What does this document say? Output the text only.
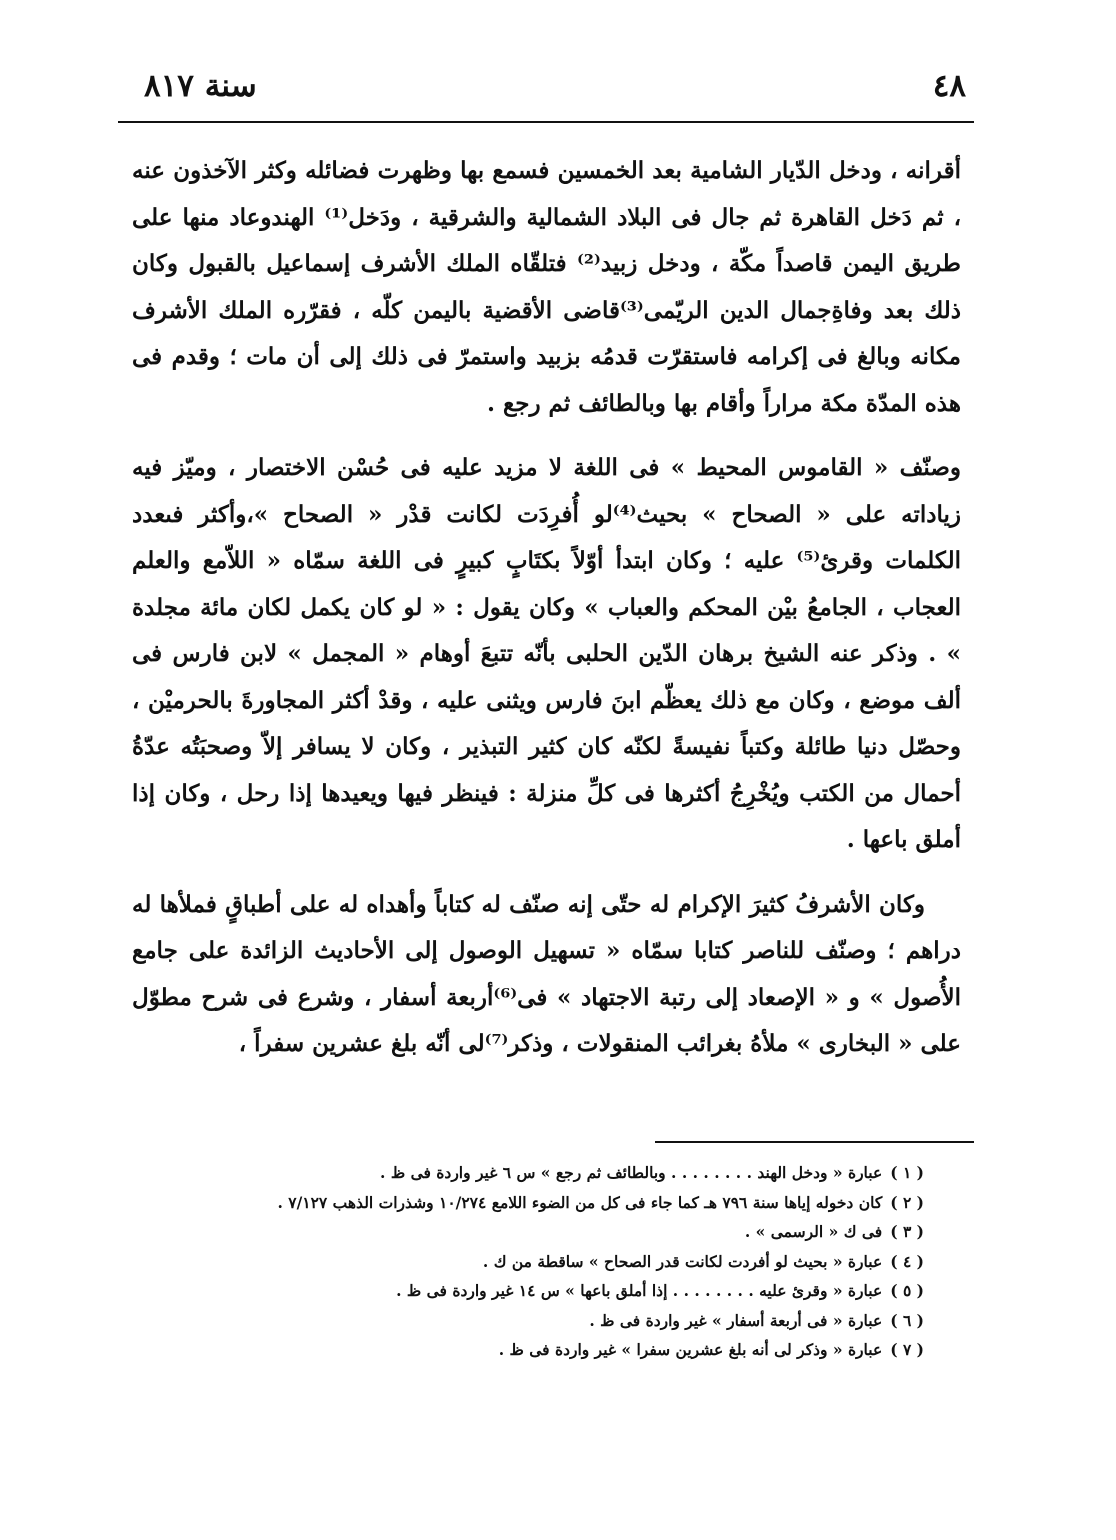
سنة ٨١٧	٤٨

أقرانه ، ودخل الدّيار الشامية بعد الخمسين فسمع بها وظهرت فضائله وكثر الآخذون عنه ، ثم دَخل القاهرة ثم جال فى البلاد الشمالية والشرقية ، ودَخل⁽¹⁾ الهندوعاد منها على طريق اليمن قاصداً مكّة ، ودخل زبيد⁽²⁾ فتلقّاه الملك الأشرف إسماعيل بالقبول وكان ذلك بعد وفاةِجمال الدين الريّمى⁽³⁾قاضى الأقضية باليمن كلّه ، فقرّره الملك الأشرف مكانه وبالغ فى إكرامه فاستقرّت قدمُه بزبيد واستمرّ فى ذلك إلى أن مات ؛ وقدم فى هذه المدّة مكة مراراً وأقام بها وبالطائف ثم رجع .

وصنّف « القاموس المحيط » فى اللغة لا مزيد عليه فى حُسْن الاختصار ، وميّز فيه زياداته على « الصحاح » بحيث⁽⁴⁾لو أُفرِدَت لكانت قدْر « الصحاح »،وأكثر فىعدد الكلمات وقرئ⁽⁵⁾ عليه ؛ وكان ابتدأ أوّلاً بكتَابٍ كبيرٍ فى اللغة سمّاه « اللاّمع والعلم العجاب ، الجامعُ بيْن المحكم والعباب » وكان يقول : « لو كان يكمل لكان مائة مجلدة » . وذكر عنه الشيخ برهان الدّين الحلبى بأنّه تتبعَ أوهام « المجمل » لابن فارس فى ألف موضع ، وكان مع ذلك يعظّم ابنَ فارس ويثنى عليه ، وقدْ أكثر المجاورةَ بالحرميْن ، وحصّل دنيا طائلة وكتباً نفيسةً لكنّه كان كثير التبذير ، وكان لا يسافر إلاّ وصحبَتُه عدّةُ أحمال من الكتب ويُخْرِجُ أكثرها فى كلِّ منزلة : فينظر فيها ويعيدها إذا رحل ، وكان إذا أملق باعها .

وكان الأشرفُ كثيرَ الإكرام له حتّى إنه صنّف له كتاباً وأهداه له على أطباقٍ فملأها له دراهم ؛ وصنّف للناصر كتابا سمّاه « تسهيل الوصول إلى الأحاديث الزائدة على جامع الأُصول » و « الإصعاد إلى رتبة الاجتهاد » فى⁽⁶⁾أربعة أسفار ، وشرع فى شرح مطوّل على « البخارى » ملأهُ بغرائب المنقولات ، وذكر⁽⁷⁾لى أنّه بلغ عشرين سفراً ،

( ١ )عبارة « ودخل الهند . . . . . . . . وبالطائف ثم رجع » س ٦ غير واردة فى ظ .

( ٢ )كان دخوله إياها سنة ٧٩٦ هـ كما جاء فى كل من الضوء اللامع ١٠/٢٧٤ وشذرات الذهب ٧/١٢٧ .

( ٣ )فى ك « الرسمى » .

( ٤ )عبارة « بحيث لو أفردت لكانت قدر الصحاح » ساقطة من ك .

( ٥ )عبارة « وقرئ عليه . . . . . . . . إذا أملق باعها » س ١٤ غير واردة فى ظ .

( ٦ )عبارة « فى أربعة أسفار » غير واردة فى ظ .

( ٧ )عبارة « وذكر لى أنه بلغ عشرين سفرا » غير واردة فى ظ .
